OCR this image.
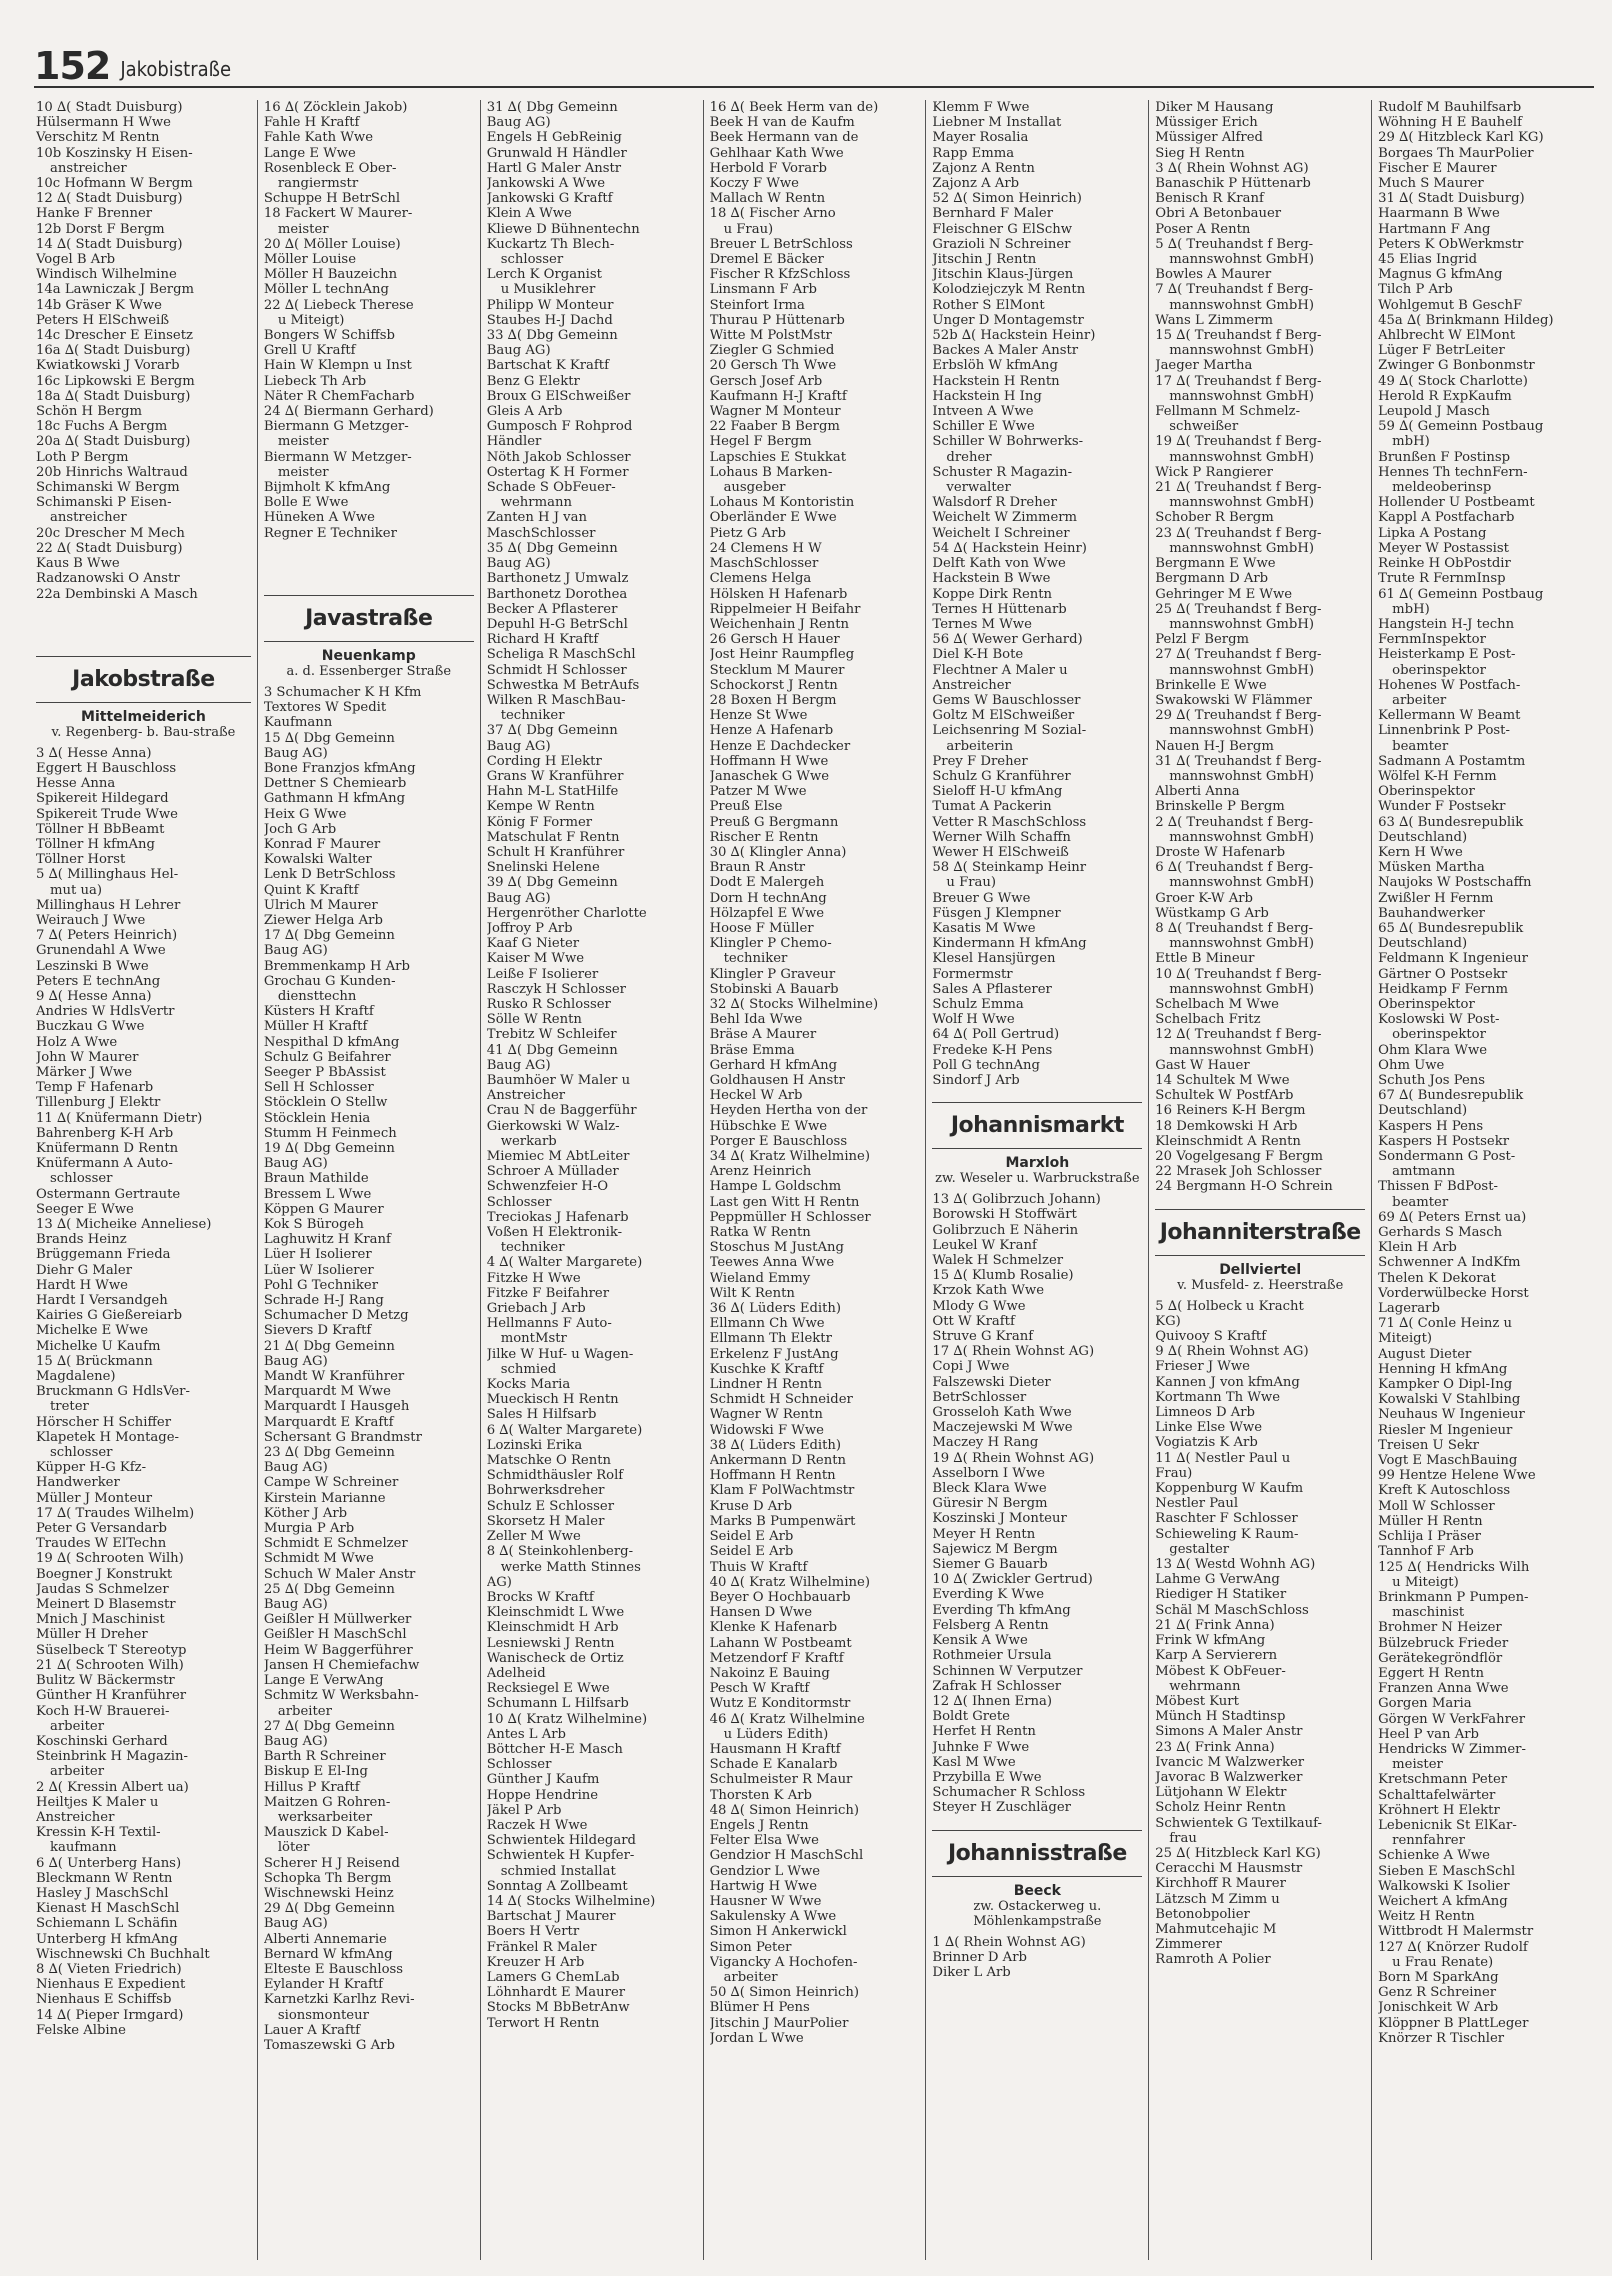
152 Jakobistraße
10 ∆( Stadt Duisburg)
Hülsermann H Wwe
Verschitz M Rentn
10b Koszinsky H Eisen-
anstreicher
10c Hofmann W Bergm
12 ∆( Stadt Duisburg)
Hanke F Brenner
12b Dorst F Bergm
14 ∆( Stadt Duisburg)
Vogel B Arb
Windisch Wilhelmine
14a Lawniczak J Bergm
14b Gräser K Wwe
Peters H ElSchweiß
14c Drescher E Einsetz
16a ∆( Stadt Duisburg)
Kwiatkowski J Vorarb
16c Lipkowski E Bergm
18a ∆( Stadt Duisburg)
Schön H Bergm
18c Fuchs A Bergm
20a ∆( Stadt Duisburg)
Loth P Bergm
20b Hinrichs Waltraud
Schimanski W Bergm
Schimanski P Eisen-
anstreicher
20c Drescher M Mech
22 ∆( Stadt Duisburg)
Kaus B Wwe
Radzanowski O Anstr
22a Dembinski A Masch
Jakobstraße
Mittelmeiderich
v. Regenberg- b. Bau-straße
3 ∆( Hesse Anna)
Eggert H Bauschloss
Hesse Anna
Spikereit Hildegard
Spikereit Trude Wwe
Töllner H BbBeamt
Töllner H kfmAng
Töllner Horst
5 ∆( Millinghaus Hel-
mut ua)
Millinghaus H Lehrer
Weirauch J Wwe
7 ∆( Peters Heinrich)
Grunendahl A Wwe
Leszinski B Wwe
Peters E technAng
9 ∆( Hesse Anna)
Andries W HdlsVertr
Buczkau G Wwe
Holz A Wwe
John W Maurer
Märker J Wwe
Temp F Hafenarb
Tillenburg J Elektr
11 ∆( Knüfermann Dietr)
Bahrenberg K-H Arb
Knüfermann D Rentn
Knüfermann A Auto-
schlosser
Ostermann Gertraute
Seeger E Wwe
13 ∆( Micheike Anneliese)
Brands Heinz
Brüggemann Frieda
Diehr G Maler
Hardt H Wwe
Hardt I Versandgeh
Kairies G Gießereiarb
Michelke E Wwe
Michelke U Kaufm
15 ∆( Brückmann
Magdalene)
Bruckmann G HdlsVer-
treter
Hörscher H Schiffer
Klapetek H Montage-
schlosser
Küpper H-G Kfz-
Handwerker
Müller J Monteur
17 ∆( Traudes Wilhelm)
Peter G Versandarb
Traudes W ElTechn
19 ∆( Schrooten Wilh)
Boegner J Konstrukt
Jaudas S Schmelzer
Meinert D Blasemstr
Mnich J Maschinist
Müller H Dreher
Süselbeck T Stereotyp
21 ∆( Schrooten Wilh)
Bulitz W Bäckermstr
Günther H Kranführer
Koch H-W Brauerei-
arbeiter
Koschinski Gerhard
Steinbrink H Magazin-
arbeiter
2 ∆( Kressin Albert ua)
Heiltjes K Maler u
Anstreicher
Kressin K-H Textil-
kaufmann
6 ∆( Unterberg Hans)
Bleckmann W Rentn
Hasley J MaschSchl
Kienast H MaschSchl
Schiemann L Schäfin
Unterberg H kfmAng
Wischnewski Ch Buchhalt
8 ∆( Vieten Friedrich)
Nienhaus E Expedient
Nienhaus E Schiffsb
14 ∆( Pieper Irmgard)
Felske Albine
16 ∆( Zöcklein Jakob)
Fahle H Kraftf
Fahle Kath Wwe
Lange E Wwe
Rosenbleck E Ober-
rangiermstr
Schuppe H BetrSchl
18 Fackert W Maurer-
meister
20 ∆( Möller Louise)
Möller Louise
Möller H Bauzeichn
Möller L technAng
22 ∆( Liebeck Therese
u Miteigt)
Bongers W Schiffsb
Grell U Kraftf
Hain W Klempn u Inst
Liebeck Th Arb
Näter R ChemFacharb
24 ∆( Biermann Gerhard)
Biermann G Metzger-
meister
Biermann W Metzger-
meister
Bijmholt K kfmAng
Bolle E Wwe
Hüneken A Wwe
Regner E Techniker
Javastraße
Neuenkamp
a. d. Essenberger Straße
3 Schumacher K H Kfm
Textores W Spedit
Kaufmann
15 ∆( Dbg Gemeinn
Baug AG)
Bone Franzjos kfmAng
Dettner S Chemiearb
Gathmann H kfmAng
Heix G Wwe
Joch G Arb
Konrad F Maurer
Kowalski Walter
Lenk D BetrSchloss
Quint K Kraftf
Ulrich M Maurer
Ziewer Helga Arb
17 ∆( Dbg Gemeinn
Baug AG)
Bremmenkamp H Arb
Grochau G Kunden-
diensttechn
Küsters H Kraftf
Müller H Kraftf
Nespithal D kfmAng
Schulz G Beifahrer
Seeger P BbAssist
Sell H Schlosser
Stöcklein O Stellw
Stöcklein Henia
Stumm H Feinmech
19 ∆( Dbg Gemeinn
Baug AG)
Braun Mathilde
Bressem L Wwe
Köppen G Maurer
Kok S Bürogeh
Laghuwitz H Kranf
Lüer H Isolierer
Lüer W Isolierer
Pohl G Techniker
Schrade H-J Rang
Schumacher D Metzg
Sievers D Kraftf
21 ∆( Dbg Gemeinn
Baug AG)
Mandt W Kranführer
Marquardt M Wwe
Marquardt I Hausgeh
Marquardt E Kraftf
Schersant G Brandmstr
23 ∆( Dbg Gemeinn
Baug AG)
Campe W Schreiner
Kirstein Marianne
Köther J Arb
Murgia P Arb
Schmidt E Schmelzer
Schmidt M Wwe
Schuch W Maler Anstr
25 ∆( Dbg Gemeinn
Baug AG)
Geißler H Müllwerker
Geißler H MaschSchl
Heim W Baggerführer
Jansen H Chemiefachw
Lange E VerwAng
Schmitz W Werksbahn-
arbeiter
27 ∆( Dbg Gemeinn
Baug AG)
Barth R Schreiner
Biskup E El-Ing
Hillus P Kraftf
Maitzen G Rohren-
werksarbeiter
Mauszick D Kabel-
löter
Scherer H J Reisend
Schopka Th Bergm
Wischnewski Heinz
29 ∆( Dbg Gemeinn
Baug AG)
Alberti Annemarie
Bernard W kfmAng
Elteste E Bauschloss
Eylander H Kraftf
Karnetzki Karlhz Revi-
sionsmonteur
Lauer A Kraftf
Tomaszewski G Arb
31 ∆( Dbg Gemeinn
Baug AG)
Engels H GebReinig
Grunwald H Händler
Hartl G Maler Anstr
Jankowski A Wwe
Jankowski G Kraftf
Klein A Wwe
Kliewe D Bühnentechn
Kuckartz Th Blech-
schlosser
Lerch K Organist
u Musiklehrer
Philipp W Monteur
Staubes H-J Dachd
33 ∆( Dbg Gemeinn
Baug AG)
Bartschat K Kraftf
Benz G Elektr
Broux G ElSchweißer
Gleis A Arb
Gumposch F Rohprod
Händler
Nöth Jakob Schlosser
Ostertag K H Former
Schade S ObFeuer-
wehrmann
Zanten H J van
MaschSchlosser
35 ∆( Dbg Gemeinn
Baug AG)
Barthonetz J Umwalz
Barthonetz Dorothea
Becker A Pflasterer
Depuhl H-G BetrSchl
Richard H Kraftf
Scheliga R MaschSchl
Schmidt H Schlosser
Schwestka M BetrAufs
Wilken R MaschBau-
techniker
37 ∆( Dbg Gemeinn
Baug AG)
Cording H Elektr
Grans W Kranführer
Hahn M-L StatHilfe
Kempe W Rentn
König F Former
Matschulat F Rentn
Schult H Kranführer
Snelinski Helene
39 ∆( Dbg Gemeinn
Baug AG)
Hergenröther Charlotte
Joffroy P Arb
Kaaf G Nieter
Kaiser M Wwe
Leiße F Isolierer
Rasczyk H Schlosser
Rusko R Schlosser
Sölle W Rentn
Trebitz W Schleifer
41 ∆( Dbg Gemeinn
Baug AG)
Baumhöer W Maler u
Anstreicher
Crau N de Baggerführ
Gierkowski W Walz-
werkarb
Miemiec M AbtLeiter
Schroer A Müllader
Schwenzfeier H-O
Schlosser
Treciokas J Hafenarb
Voßen H Elektronik-
techniker
4 ∆( Walter Margarete)
Fitzke H Wwe
Fitzke F Beifahrer
Griebach J Arb
Hellmanns F Auto-
montMstr
Jilke W Huf- u Wagen-
schmied
Kocks Maria
Mueckisch H Rentn
Sales H Hilfsarb
6 ∆( Walter Margarete)
Lozinski Erika
Matschke O Rentn
Schmidthäusler Rolf
Bohrwerksdreher
Schulz E Schlosser
Skorsetz H Maler
Zeller M Wwe
8 ∆( Steinkohlenberg-
werke Matth Stinnes
AG)
Brocks W Kraftf
Kleinschmidt L Wwe
Kleinschmidt H Arb
Lesniewski J Rentn
Wanischeck de Ortiz
Adelheid
Recksiegel E Wwe
Schumann L Hilfsarb
10 ∆( Kratz Wilhelmine)
Antes L Arb
Böttcher H-E Masch
Schlosser
Günther J Kaufm
Hoppe Hendrine
Jäkel P Arb
Raczek H Wwe
Schwientek Hildegard
Schwientek H Kupfer-
schmied Installat
Sonntag A Zollbeamt
14 ∆( Stocks Wilhelmine)
Bartschat J Maurer
Boers H Vertr
Fränkel R Maler
Kreuzer H Arb
Lamers G ChemLab
Löhnhardt E Maurer
Stocks M BbBetrAnw
Terwort H Rentn
16 ∆( Beek Herm van de)
Beek H van de Kaufm
Beek Hermann van de
Gehlhaar Kath Wwe
Herbold F Vorarb
Koczy F Wwe
Mallach W Rentn
18 ∆( Fischer Arno
u Frau)
Breuer L BetrSchloss
Dremel E Bäcker
Fischer R KfzSchloss
Linsmann F Arb
Steinfort Irma
Thurau P Hüttenarb
Witte M PolstMstr
Ziegler G Schmied
20 Gersch Th Wwe
Gersch Josef Arb
Kaufmann H-J Kraftf
Wagner M Monteur
22 Faaber B Bergm
Hegel F Bergm
Lapschies E Stukkat
Lohaus B Marken-
ausgeber
Lohaus M Kontoristin
Oberländer E Wwe
Pietz G Arb
24 Clemens H W
MaschSchlosser
Clemens Helga
Hölsken H Hafenarb
Rippelmeier H Beifahr
Weichenhain J Rentn
26 Gersch H Hauer
Jost Heinr Raumpfleg
Stecklum M Maurer
Schockorst J Rentn
28 Boxen H Bergm
Henze St Wwe
Henze A Hafenarb
Henze E Dachdecker
Hoffmann H Wwe
Janaschek G Wwe
Patzer M Wwe
Preuß Else
Preuß G Bergmann
Rischer E Rentn
30 ∆( Klingler Anna)
Braun R Anstr
Dodt E Malergeh
Dorn H technAng
Hölzapfel E Wwe
Hoose F Müller
Klingler P Chemo-
techniker
Klingler P Graveur
Stobinski A Bauarb
32 ∆( Stocks Wilhelmine)
Behl Ida Wwe
Bräse A Maurer
Bräse Emma
Gerhard H kfmAng
Goldhausen H Anstr
Heckel W Arb
Heyden Hertha von der
Hübschke E Wwe
Porger E Bauschloss
34 ∆( Kratz Wilhelmine)
Arenz Heinrich
Hampe L Goldschm
Last gen Witt H Rentn
Peppmüller H Schlosser
Ratka W Rentn
Stoschus M JustAng
Teewes Anna Wwe
Wieland Emmy
Wilt K Rentn
36 ∆( Lüders Edith)
Ellmann Ch Wwe
Ellmann Th Elektr
Erkelenz F JustAng
Kuschke K Kraftf
Lindner H Rentn
Schmidt H Schneider
Wagner W Rentn
Widowski F Wwe
38 ∆( Lüders Edith)
Ankermann D Rentn
Hoffmann H Rentn
Klam F PolWachtmstr
Kruse D Arb
Marks B Pumpenwärt
Seidel E Arb
Seidel E Arb
Thuis W Kraftf
40 ∆( Kratz Wilhelmine)
Beyer O Hochbauarb
Hansen D Wwe
Klenke K Hafenarb
Lahann W Postbeamt
Metzendorf F Kraftf
Nakoinz E Bauing
Pesch W Kraftf
Wutz E Konditormstr
46 ∆( Kratz Wilhelmine
u Lüders Edith)
Hausmann H Kraftf
Schade E Kanalarb
Schulmeister R Maur
Thorsten K Arb
48 ∆( Simon Heinrich)
Engels J Rentn
Felter Elsa Wwe
Gendzior H MaschSchl
Gendzior L Wwe
Hartwig H Wwe
Hausner W Wwe
Sakulensky A Wwe
Simon H Ankerwickl
Simon Peter
Vigancky A Hochofen-
arbeiter
50 ∆( Simon Heinrich)
Blümer H Pens
Jitschin J MaurPolier
Jordan L Wwe
Klemm F Wwe
Liebner M Installat
Mayer Rosalia
Rapp Emma
Zajonz A Rentn
Zajonz A Arb
52 ∆( Simon Heinrich)
Bernhard F Maler
Fleischner G ElSchw
Grazioli N Schreiner
Jitschin J Rentn
Jitschin Klaus-Jürgen
Kolodziejczyk M Rentn
Rother S ElMont
Unger D Montagemstr
52b ∆( Hackstein Heinr)
Backes A Maler Anstr
Erbslöh W kfmAng
Hackstein H Rentn
Hackstein H Ing
Intveen A Wwe
Schiller E Wwe
Schiller W Bohrwerks-
dreher
Schuster R Magazin-
verwalter
Walsdorf R Dreher
Weichelt W Zimmerm
Weichelt I Schreiner
54 ∆( Hackstein Heinr)
Delft Kath von Wwe
Hackstein B Wwe
Koppe Dirk Rentn
Ternes H Hüttenarb
Ternes M Wwe
56 ∆( Wewer Gerhard)
Diel K-H Bote
Flechtner A Maler u
Anstreicher
Gems W Bauschlosser
Goltz M ElSchweißer
Leichsenring M Sozial-
arbeiterin
Prey F Dreher
Schulz G Kranführer
Sieloff H-U kfmAng
Tumat A Packerin
Vetter R MaschSchloss
Werner Wilh Schaffn
Wewer H ElSchweiß
58 ∆( Steinkamp Heinr
u Frau)
Breuer G Wwe
Füsgen J Klempner
Kasatis M Wwe
Kindermann H kfmAng
Klesel Hansjürgen
Formermstr
Sales A Pflasterer
Schulz Emma
Wolf H Wwe
64 ∆( Poll Gertrud)
Fredeke K-H Pens
Poll G technAng
Sindorf J Arb
Johannismarkt
Marxloh
zw. Weseler u. Warbruckstraße
13 ∆( Golibrzuch Johann)
Borowski H Stoffwärt
Golibrzuch E Näherin
Leukel W Kranf
Walek H Schmelzer
15 ∆( Klumb Rosalie)
Krzok Kath Wwe
Mlody G Wwe
Ott W Kraftf
Struve G Kranf
17 ∆( Rhein Wohnst AG)
Copi J Wwe
Falszewski Dieter
BetrSchlosser
Grosseloh Kath Wwe
Maczejewski M Wwe
Maczey H Rang
19 ∆( Rhein Wohnst AG)
Asselborn I Wwe
Bleck Klara Wwe
Güresir N Bergm
Koszinski J Monteur
Meyer H Rentn
Sajewicz M Bergm
Siemer G Bauarb
10 ∆( Zwickler Gertrud)
Everding K Wwe
Everding Th kfmAng
Felsberg A Rentn
Kensik A Wwe
Rothmeier Ursula
Schinnen W Verputzer
Zafrak H Schlosser
12 ∆( Ihnen Erna)
Boldt Grete
Herfet H Rentn
Juhnke F Wwe
Kasl M Wwe
Przybilla E Wwe
Schumacher R Schloss
Steyer H Zuschläger
Johannisstraße
Beeck
zw. Ostackerweg u. Möhlenkampstraße
1 ∆( Rhein Wohnst AG)
Brinner D Arb
Diker L Arb
Diker M Hausang
Müssiger Erich
Müssiger Alfred
Sieg H Rentn
3 ∆( Rhein Wohnst AG)
Banaschik P Hüttenarb
Benisch R Kranf
Obri A Betonbauer
Poser A Rentn
5 ∆( Treuhandst f Berg-
mannswohnst GmbH)
Bowles A Maurer
7 ∆( Treuhandst f Berg-
mannswohnst GmbH)
Wans L Zimmerm
15 ∆( Treuhandst f Berg-
mannswohnst GmbH)
Jaeger Martha
17 ∆( Treuhandst f Berg-
mannswohnst GmbH)
Fellmann M Schmelz-
schweißer
19 ∆( Treuhandst f Berg-
mannswohnst GmbH)
Wick P Rangierer
21 ∆( Treuhandst f Berg-
mannswohnst GmbH)
Schober R Bergm
23 ∆( Treuhandst f Berg-
mannswohnst GmbH)
Bergmann E Wwe
Bergmann D Arb
Gehringer M E Wwe
25 ∆( Treuhandst f Berg-
mannswohnst GmbH)
Pelzl F Bergm
27 ∆( Treuhandst f Berg-
mannswohnst GmbH)
Brinkelle E Wwe
Swakowski W Flämmer
29 ∆( Treuhandst f Berg-
mannswohnst GmbH)
Nauen H-J Bergm
31 ∆( Treuhandst f Berg-
mannswohnst GmbH)
Alberti Anna
Brinskelle P Bergm
2 ∆( Treuhandst f Berg-
mannswohnst GmbH)
Droste W Hafenarb
6 ∆( Treuhandst f Berg-
mannswohnst GmbH)
Groer K-W Arb
Wüstkamp G Arb
8 ∆( Treuhandst f Berg-
mannswohnst GmbH)
Ettle B Mineur
10 ∆( Treuhandst f Berg-
mannswohnst GmbH)
Schelbach M Wwe
Schelbach Fritz
12 ∆( Treuhandst f Berg-
mannswohnst GmbH)
Gast W Hauer
14 Schultek M Wwe
Schultek W PostfArb
16 Reiners K-H Bergm
18 Demkowski H Arb
Kleinschmidt A Rentn
20 Vogelgesang F Bergm
22 Mrasek Joh Schlosser
24 Bergmann H-O Schrein
Johanniterstraße
Dellviertel
v. Musfeld- z. Heerstraße
5 ∆( Holbeck u Kracht
KG)
Quivooy S Kraftf
9 ∆( Rhein Wohnst AG)
Frieser J Wwe
Kannen J von kfmAng
Kortmann Th Wwe
Limneos D Arb
Linke Else Wwe
Vogiatzis K Arb
11 ∆( Nestler Paul u
Frau)
Koppenburg W Kaufm
Nestler Paul
Raschter F Schlosser
Schieweling K Raum-
gestalter
13 ∆( Westd Wohnh AG)
Lahme G VerwAng
Riediger H Statiker
Schäl M MaschSchloss
21 ∆( Frink Anna)
Frink W kfmAng
Karp A Servierern
Möbest K ObFeuer-
wehrmann
Möbest Kurt
Münch H Stadtinsp
Simons A Maler Anstr
23 ∆( Frink Anna)
Ivancic M Walzwerker
Javorac B Walzwerker
Lütjohann W Elektr
Scholz Heinr Rentn
Schwientek G Textilkauf-
frau
25 ∆( Hitzbleck Karl KG)
Ceracchi M Hausmstr
Kirchhoff R Maurer
Lätzsch M Zimm u
Betonobpolier
Mahmutcehajic M
Zimmerer
Ramroth A Polier
Rudolf M Bauhilfsarb
Wöhning H E Bauhelf
29 ∆( Hitzbleck Karl KG)
Borgaes Th MaurPolier
Fischer E Maurer
Much S Maurer
31 ∆( Stadt Duisburg)
Haarmann B Wwe
Hartmann F Ang
Peters K ObWerkmstr
45 Elias Ingrid
Magnus G kfmAng
Tilch P Arb
Wohlgemut B GeschF
45a ∆( Brinkmann Hildeg)
Ahlbrecht W ElMont
Lüger F BetrLeiter
Zwinger G Bonbonmstr
49 ∆( Stock Charlotte)
Herold R ExpKaufm
Leupold J Masch
59 ∆( Gemeinn Postbaug
mbH)
Brunßen F Postinsp
Hennes Th technFern-
meldeoberinsp
Hollender U Postbeamt
Kappl A Postfacharb
Lipka A Postang
Meyer W Postassist
Reinke H ObPostdir
Trute R FernmInsp
61 ∆( Gemeinn Postbaug
mbH)
Hangstein H-J techn
FernmInspektor
Heisterkamp E Post-
oberinspektor
Hohenes W Postfach-
arbeiter
Kellermann W Beamt
Linnenbrink P Post-
beamter
Sadmann A Postamtm
Wölfel K-H Fernm
Oberinspektor
Wunder F Postsekr
63 ∆( Bundesrepublik
Deutschland)
Kern H Wwe
Müsken Martha
Naujoks W Postschaffn
Zwißler H Fernm
Bauhandwerker
65 ∆( Bundesrepublik
Deutschland)
Feldmann K Ingenieur
Gärtner O Postsekr
Heidkamp F Fernm
Oberinspektor
Koslowski W Post-
oberinspektor
Ohm Klara Wwe
Ohm Uwe
Schuth Jos Pens
67 ∆( Bundesrepublik
Deutschland)
Kaspers H Pens
Kaspers H Postsekr
Sondermann G Post-
amtmann
Thissen F BdPost-
beamter
69 ∆( Peters Ernst ua)
Gerhards S Masch
Klein H Arb
Schwenner A IndKfm
Thelen K Dekorat
Vorderwülbecke Horst
Lagerarb
71 ∆( Conle Heinz u
Miteigt)
August Dieter
Henning H kfmAng
Kampker O Dipl-Ing
Kowalski V Stahlbing
Neuhaus W Ingenieur
Riesler M Ingenieur
Treisen U Sekr
Vogt E MaschBauing
99 Hentze Helene Wwe
Kreft K Autoschloss
Moll W Schlosser
Müller H Rentn
Schlija I Präser
Tannhof F Arb
125 ∆( Hendricks Wilh
u Miteigt)
Brinkmann P Pumpen-
maschinist
Brohmer N Heizer
Bülzebruck Frieder
Gerätekegröndflör
Eggert H Rentn
Franzen Anna Wwe
Gorgen Maria
Görgen W VerkFahrer
Heel P van Arb
Hendricks W Zimmer-
meister
Kretschmann Peter
Schalttafelwärter
Kröhnert H Elektr
Lebenicnik St ElKar-
rennfahrer
Schienke A Wwe
Sieben E MaschSchl
Walkowski K Isolier
Weichert A kfmAng
Weitz H Rentn
Wittbrodt H Malermstr
127 ∆( Knörzer Rudolf
u Frau Renate)
Born M SparkAng
Genz R Schreiner
Jonischkeit W Arb
Klöppner B PlattLeger
Knörzer R Tischler
